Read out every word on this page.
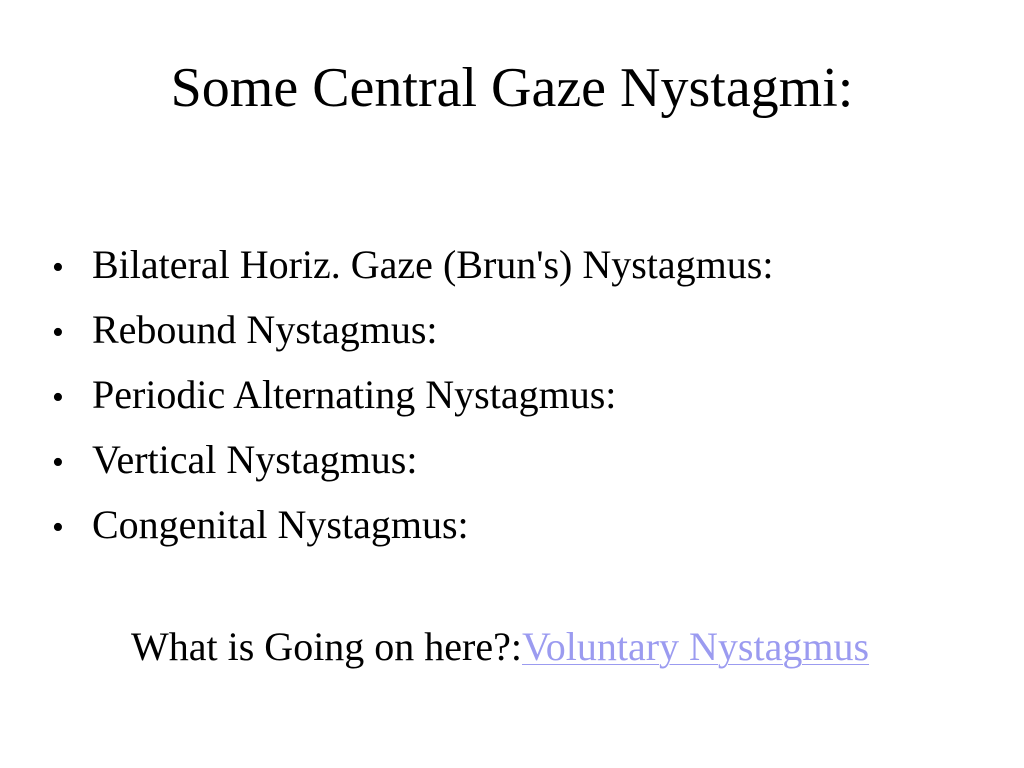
Some Central Gaze Nystagmi:
• Bilateral Horiz. Gaze (Brun's) Nystagmus:
• Rebound Nystagmus:
• Periodic Alternating Nystagmus:
• Vertical Nystagmus:
• Congenital Nystagmus:
What is Going on here?:Voluntary Nystagmus
